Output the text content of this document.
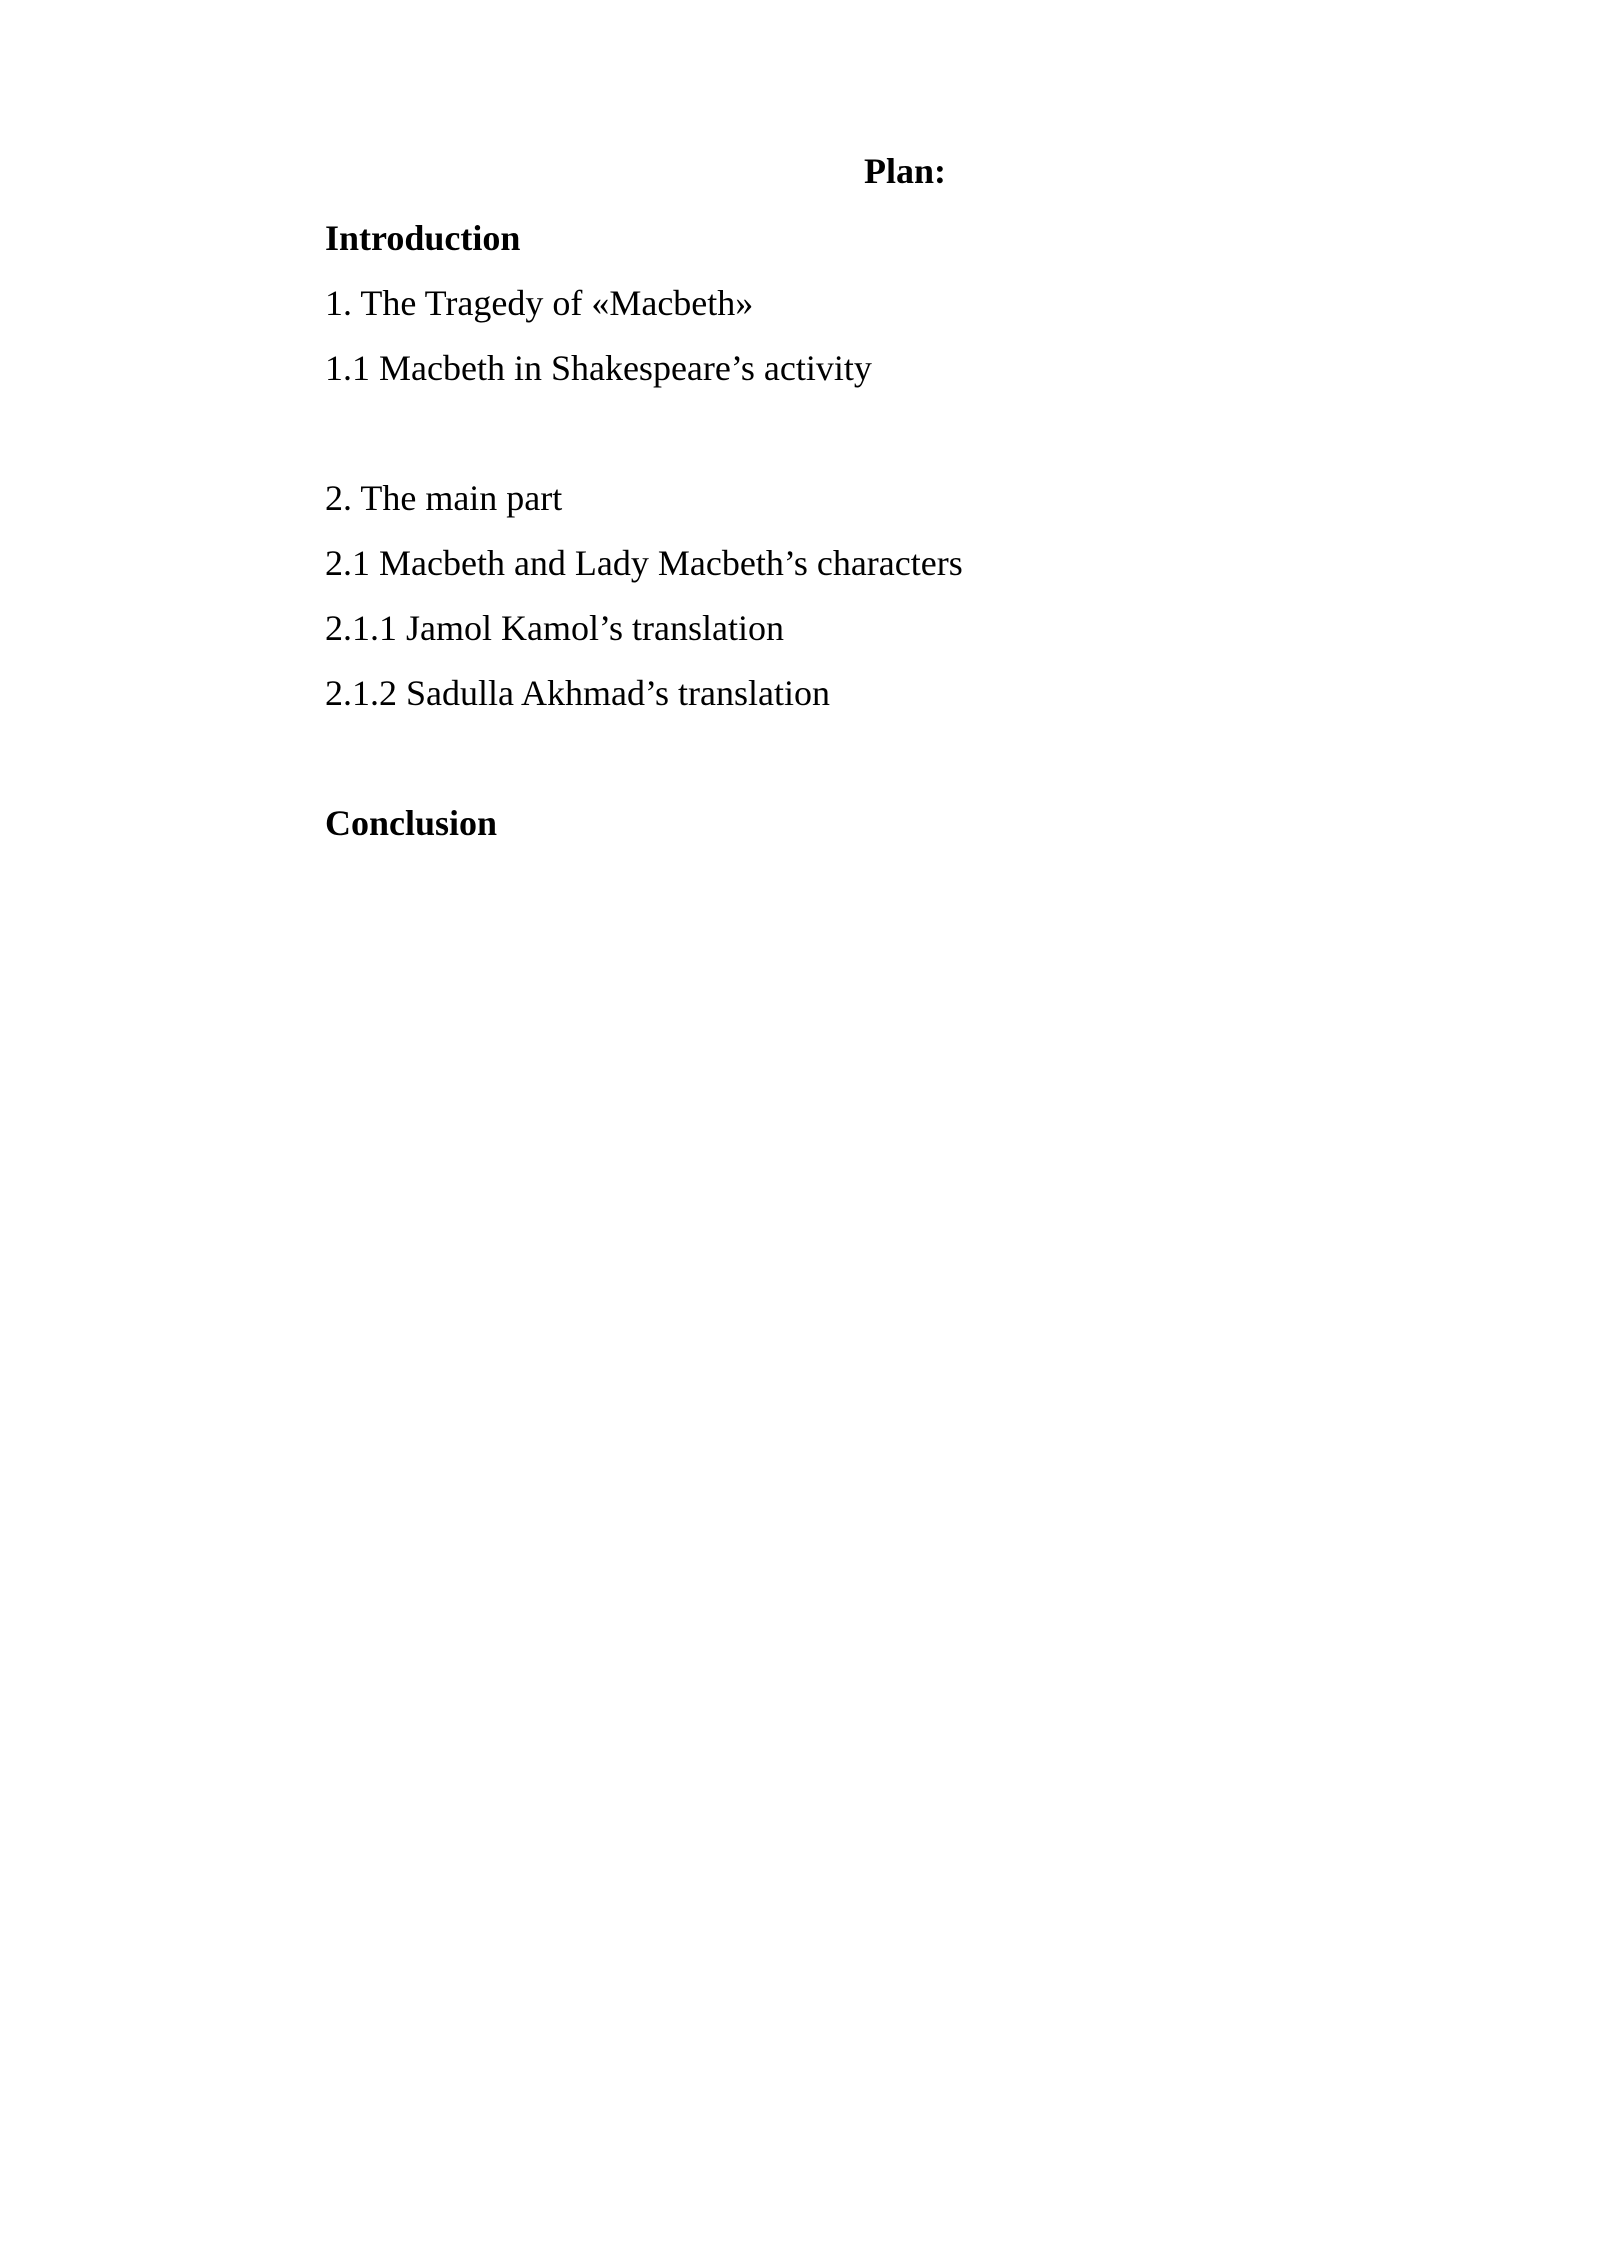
Plan:
Introduction
1. The Tragedy of «Macbeth»
1.1 Macbeth in Shakespeare’s activity
2. The main part
2.1 Macbeth and Lady Macbeth’s characters
2.1.1 Jamol Kamol’s translation
2.1.2 Sadulla Akhmad’s translation
Conclusion
